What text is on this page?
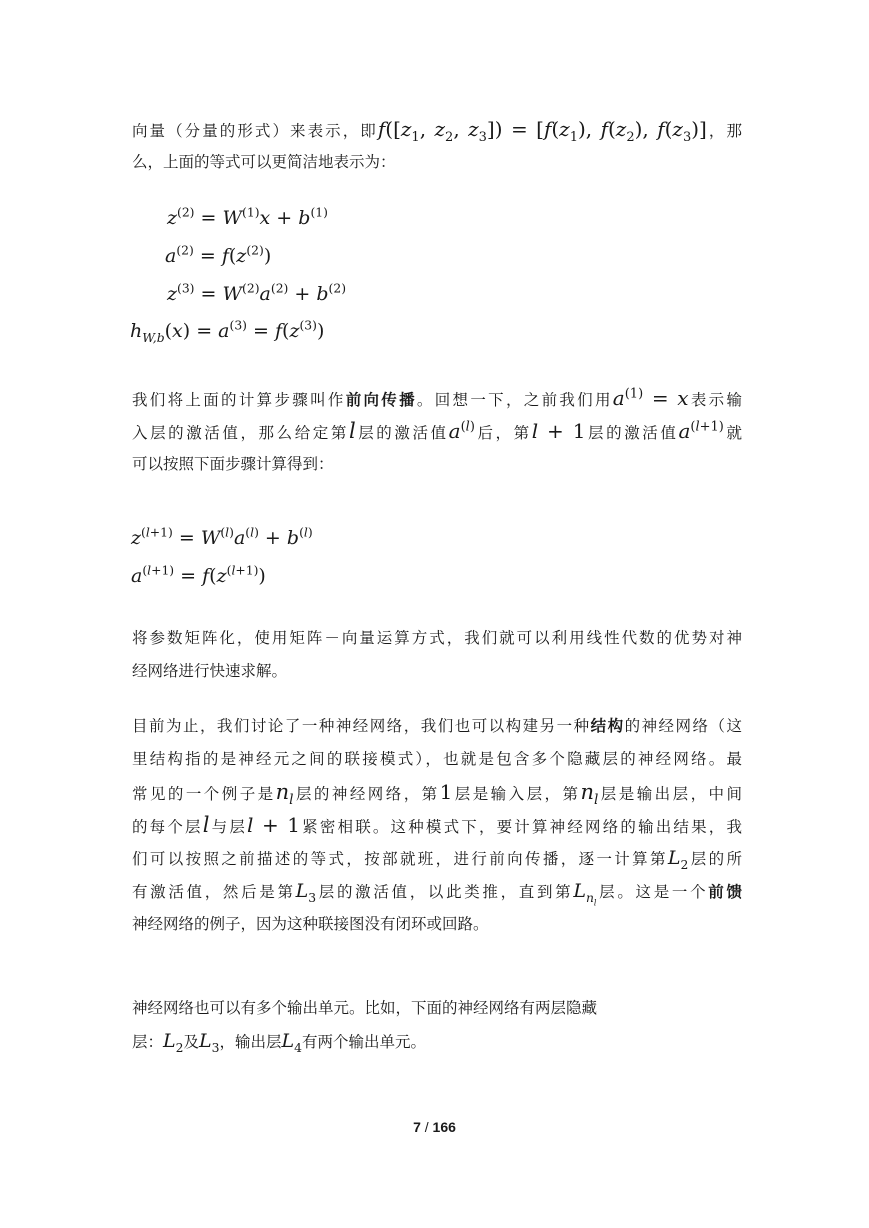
向量（分量的形式）来表示，即$f([z_1$, $z_2$, $z_3]) = [f(z_1)$, $f(z_2)$, $f(z_3)$]，那
么，上面的等式可以更简洁地表示为：
$z^{(2)} = W^{(1)}x + b^{(1)}$
$a^{(2)} = f(z^{(2)})$
$z^{(3)} = W^{(2)}a^{(2)} + b^{(2)}$
$h_{W,b}(x) = a^{(3)} = f(z^{(3)})$
我们将上面的计算步骤叫作前向传播。回想一下，之前我们用$a^{(1)} = x$表示输
入层的激活值，那么给定第l层的激活值$a^{(l)}$后，第l + 1层的激活值$a^{(l+1)}$就
可以按照下面步骤计算得到：
$z^{(l+1)} = W^{(l)}a^{(l)} + b^{(l)}$
$a^{(l+1)} = f(z^{(l+1)})$
将参数矩阵化，使用矩阵－向量运算方式，我们就可以利用线性代数的优势对神
经网络进行快速求解。
目前为止，我们讨论了一种神经网络，我们也可以构建另一种结构的神经网络（这
里结构指的是神经元之间的联接模式），也就是包含多个隐藏层的神经网络。最
常见的一个例子是$n_l$层的神经网络，第1层是输入层，第$n_l$层是输出层，中间
的每个层l与层l + 1紧密相联。这种模式下，要计算神经网络的输出结果，我
们可以按照之前描述的等式，按部就班，进行前向传播，逐一计算第$L_2$层的所
有激活值，然后是第$L_3$层的激活值，以此类推，直到第$L_{n_l}$层。这是一个前馈
神经网络的例子，因为这种联接图没有闭环或回路。
神经网络也可以有多个输出单元。比如，下面的神经网络有两层隐藏
层：$L_2$及$L_3$，输出层$L_4$有两个输出单元。
7 / 166
